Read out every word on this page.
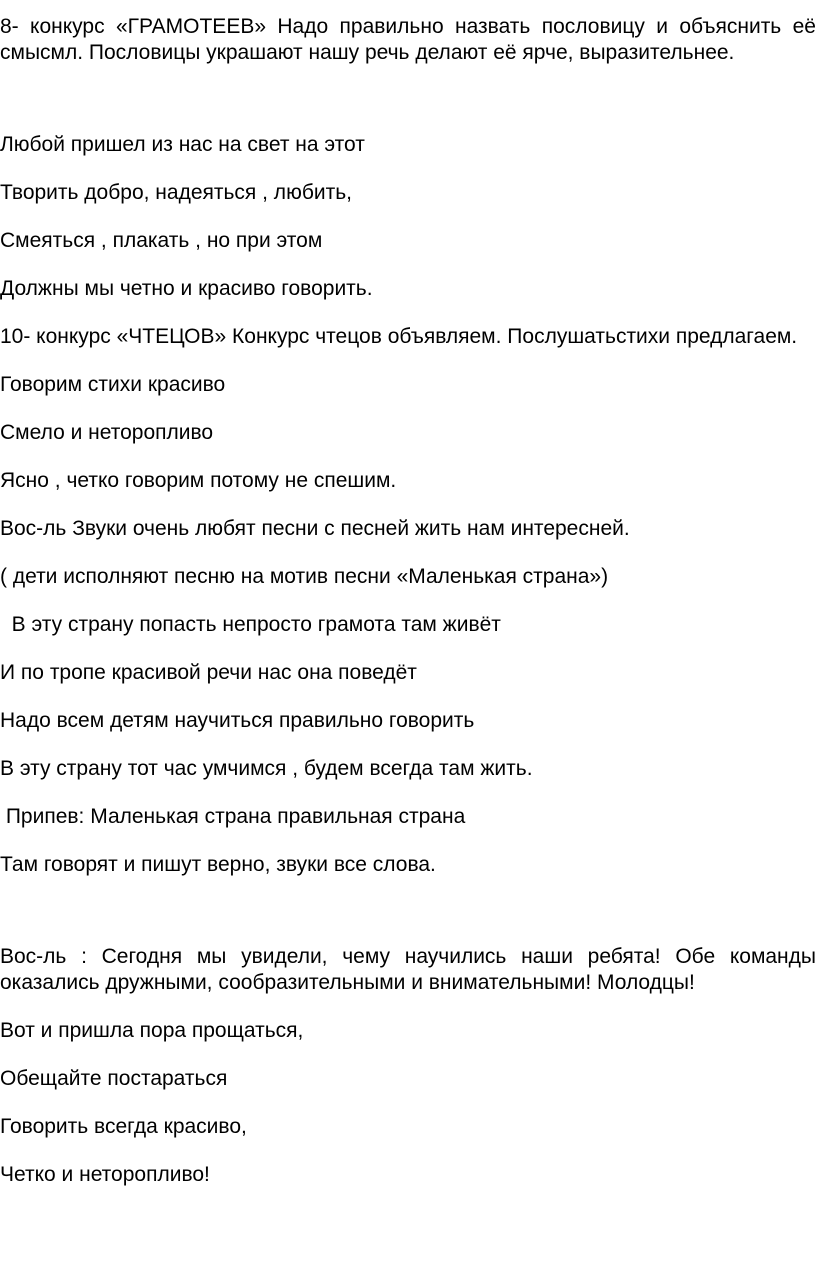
8- конкурс «ГРАМОТЕЕВ» Надо правильно назвать пословицу и объяснить её смысмл. Пословицы украшают нашу речь делают её ярче, выразительнее.

Любой пришел из нас на свет на этот

Творить добро, надеяться , любить,

Смеяться , плакать , но при этом

Должны мы четно и красиво говорить.

10- конкурс «ЧТЕЦОВ» Конкурс чтецов объявляем. Послушатьстихи предлагаем.

Говорим стихи красиво

Смело и неторопливо

Ясно , четко говорим потому не спешим.

Вос-ль Звуки очень любят песни с песней жить нам интересней.

( дети исполняют песню на мотив песни «Маленькая страна»)

В эту страну попасть непросто грамота там живёт

И по тропе красивой речи нас она поведёт

Надо всем детям научиться правильно говорить

В эту страну тот час умчимся , будем всегда там жить.

Припев: Маленькая страна правильная страна

Там говорят и пишут верно, звуки все слова.

Вос-ль : Сегодня мы увидели, чему научились наши ребята! Обе команды оказались дружными, сообразительными и внимательными! Молодцы!

Вот и пришла пора прощаться,

Обещайте постараться

Говорить всегда красиво,

Четко и неторопливо!
